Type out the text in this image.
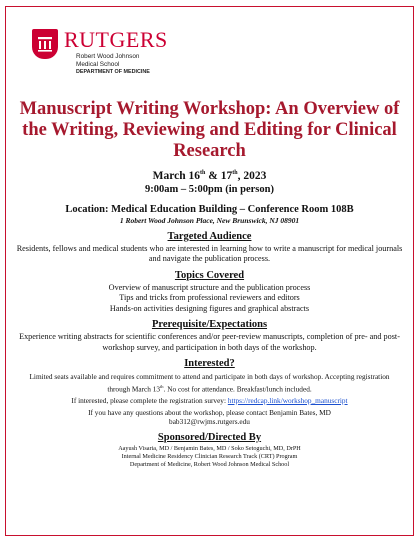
RUTGERS
Robert Wood Johnson
Medical School
DEPARTMENT OF MEDICINE
Manuscript Writing Workshop: An Overview of the Writing, Reviewing and Editing for Clinical Research
March 16th & 17th, 2023
9:00am – 5:00pm (in person)
Location: Medical Education Building – Conference Room 108B
1 Robert Wood Johnson Place, New Brunswick, NJ 08901
Targeted Audience
Residents, fellows and medical students who are interested in learning how to write a manuscript for medical journals and navigate the publication process.
Topics Covered
Overview of manuscript structure and the publication process
Tips and tricks from professional reviewers and editors
Hands-on activities designing figures and graphical abstracts
Prerequisite/Expectations
Experience writing abstracts for scientific conferences and/or peer-review manuscripts, completion of pre- and post-workshop survey, and participation in both days of the workshop.
Interested?
Limited seats available and requires commitment to attend and participate in both days of workshop. Accepting registration through March 13th. No cost for attendance. Breakfast/lunch included.
If interested, please complete the registration survey: https://redcap.link/workshop_manuscript
If you have any questions about the workshop, please contact Benjamin Bates, MD
bab312@rwjms.rutgers.edu
Sponsored/Directed By
Aayush Visaria, MD / Benjamin Bates, MD / Soko Setoguchi, MD, DrPH
Internal Medicine Residency Clinician Research Track (CRT) Program
Department of Medicine, Robert Wood Johnson Medical School
